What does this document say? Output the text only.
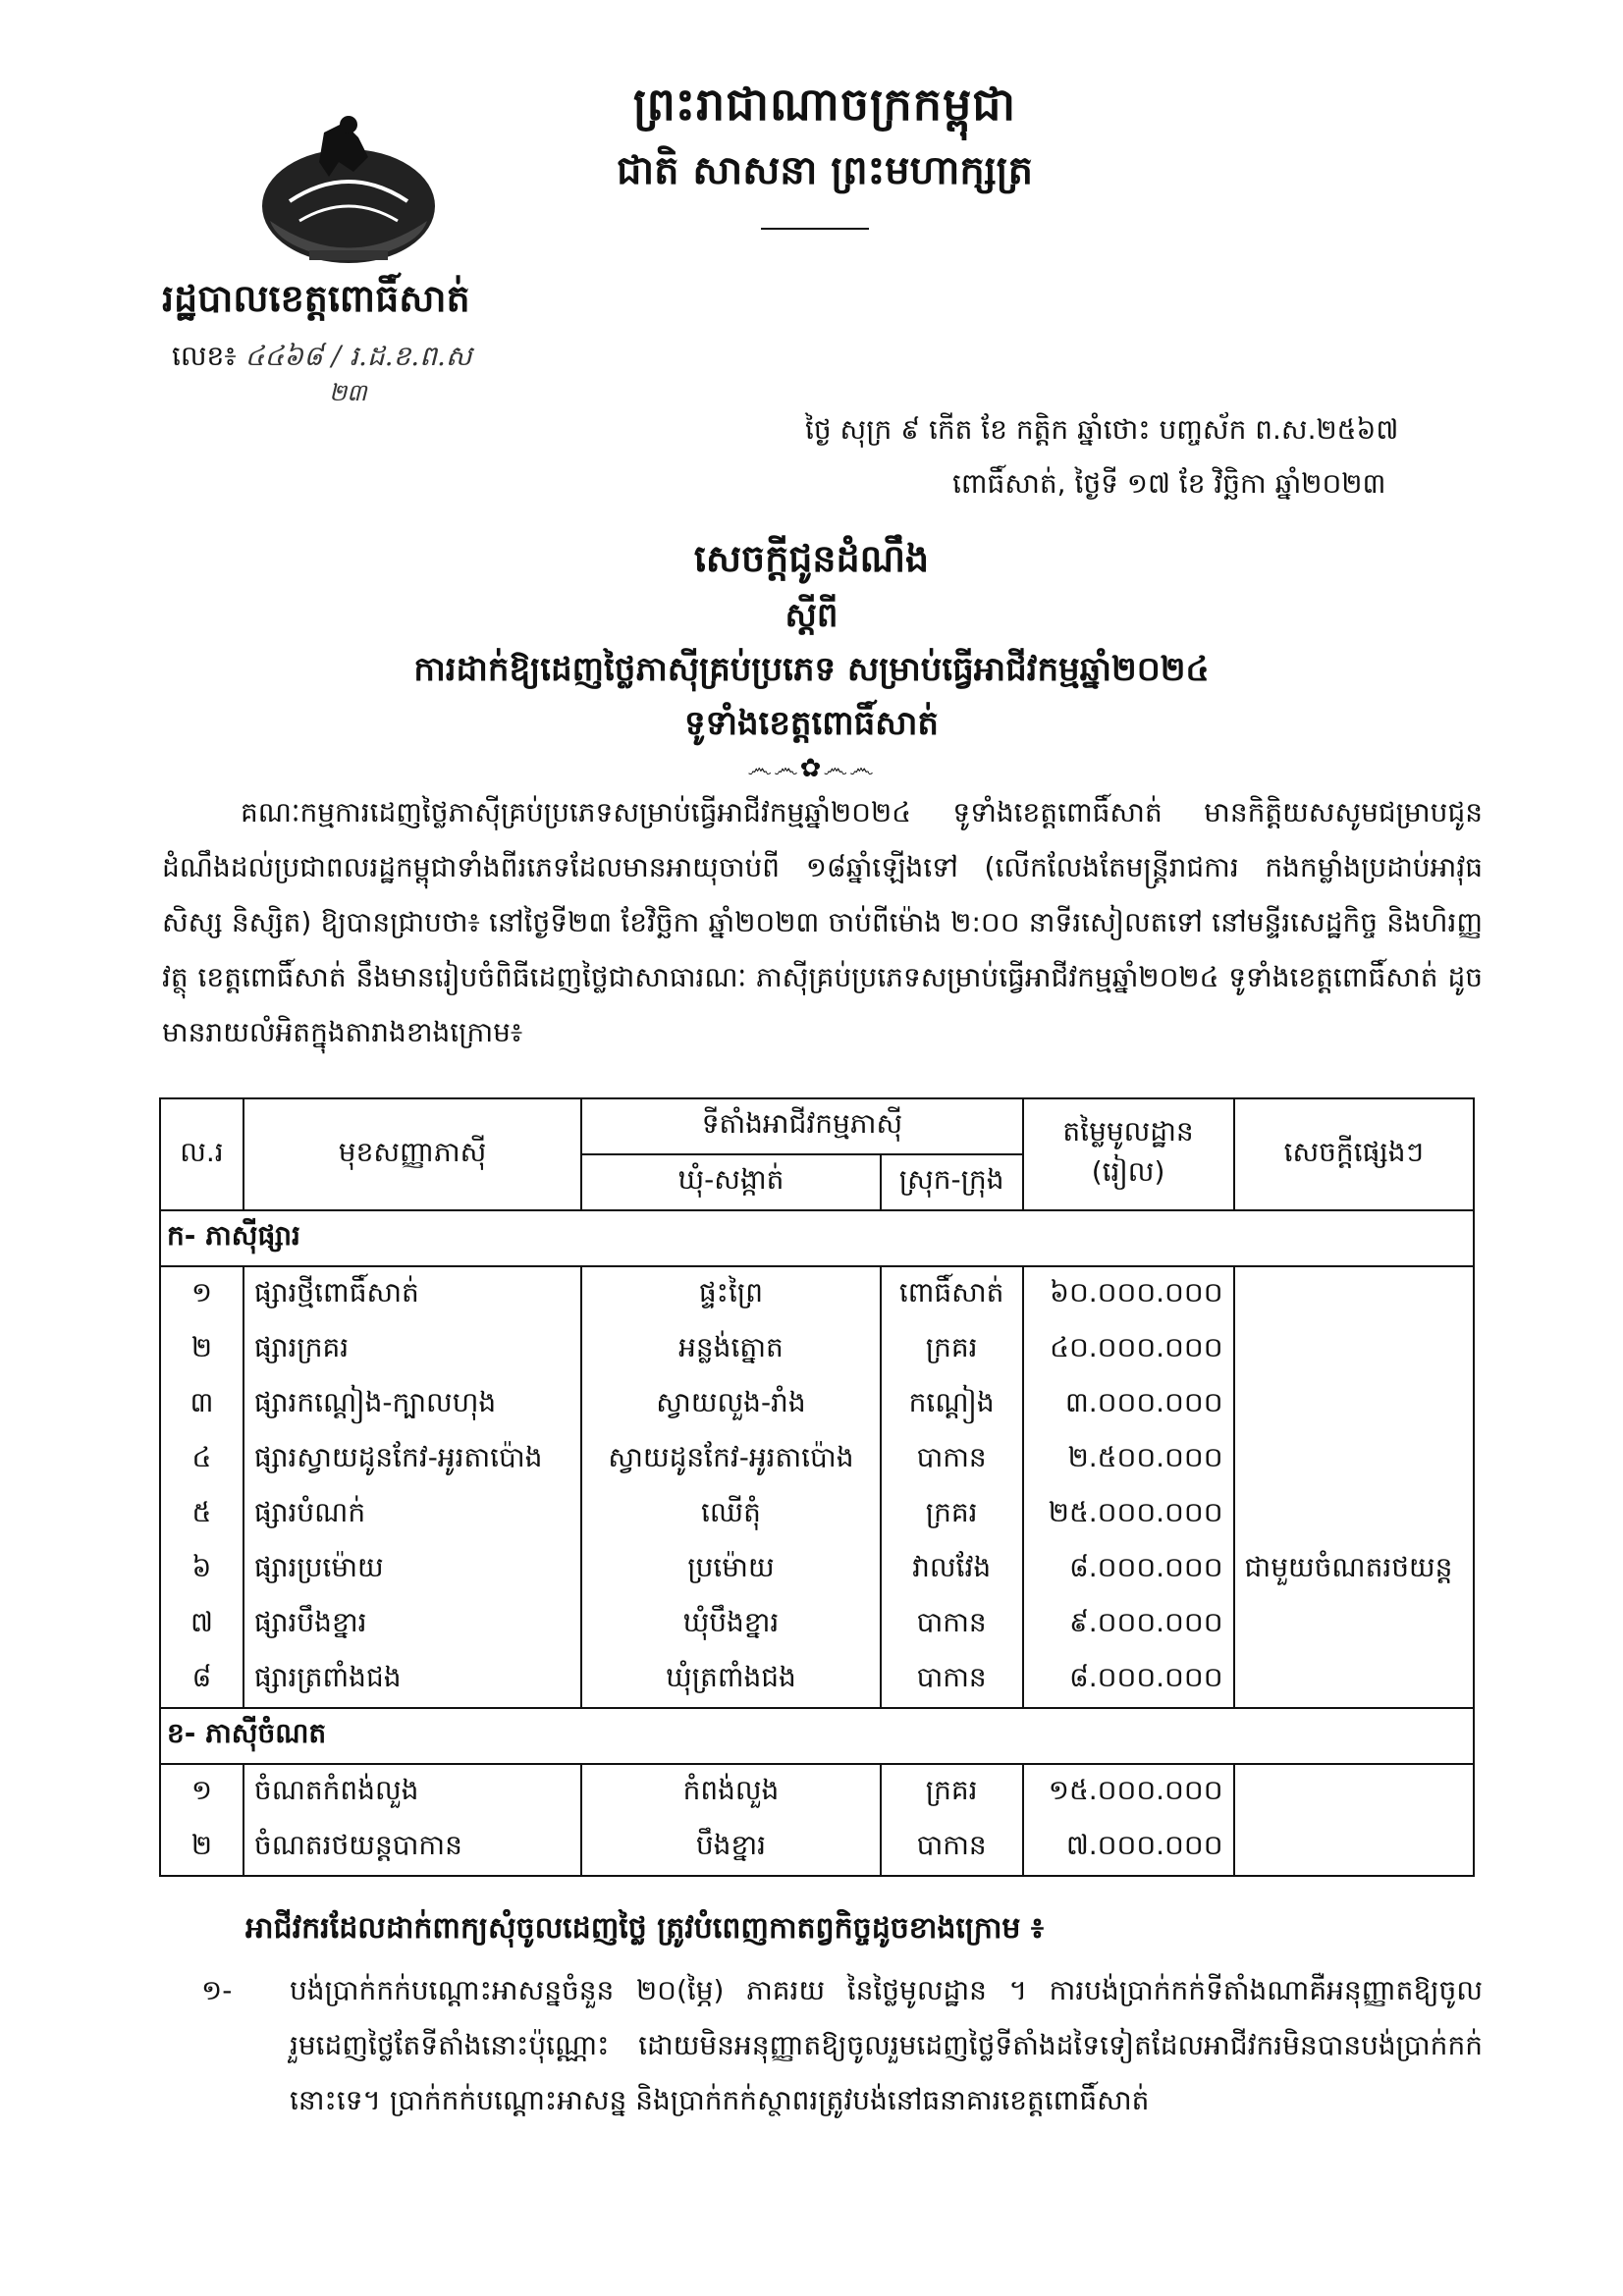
ព្រះរាជាណាចក្រកម្ពុជា
ជាតិ សាសនា ព្រះមហាក្សត្រ
រដ្ឋបាលខេត្តពោធិ៍សាត់
លេខ៖ ៤៤៦៨ / រ.ដ.ខ.ព.ស
២៣
ថ្ងៃ សុក្រ ៩ កើត ខែ កត្តិក ឆ្នាំថោះ បញ្ចស័ក ព.ស.២៥៦៧
ពោធិ៍សាត់, ថ្ងៃទី ១៧ ខែ វិច្ឆិកា ឆ្នាំ២០២៣
សេចក្តីជូនដំណឹង
ស្តីពី
ការដាក់ឱ្យដេញថ្លៃភាស៊ីគ្រប់ប្រភេទ សម្រាប់ធ្វើអាជីវកម្មឆ្នាំ២០២៤
ទូទាំងខេត្តពោធិ៍សាត់
෴෴✿෴෴
គណៈកម្មការដេញថ្លៃភាស៊ីគ្រប់ប្រភេទសម្រាប់ធ្វើអាជីវកម្មឆ្នាំ២០២៤ ទូទាំងខេត្តពោធិ៍សាត់ មានកិត្តិយសសូមជម្រាបជូនដំណឹងដល់ប្រជាពលរដ្ឋកម្ពុជាទាំងពីរភេទដែលមានអាយុចាប់ពី ១៨ឆ្នាំឡើងទៅ (លើកលែងតែមន្ត្រីរាជការ កងកម្លាំងប្រដាប់អាវុធ សិស្ស និស្សិត) ឱ្យបានជ្រាបថា៖ នៅថ្ងៃទី២៣ ខែវិច្ឆិកា ឆ្នាំ២០២៣ ចាប់ពីម៉ោង ២:០០ នាទីរសៀលតទៅ នៅមន្ទីរសេដ្ឋកិច្ច និងហិរញ្ញវត្ថុ ខេត្តពោធិ៍សាត់ នឹងមានរៀបចំពិធីដេញថ្លៃជាសាធារណៈ ភាស៊ីគ្រប់ប្រភេទសម្រាប់ធ្វើអាជីវកម្មឆ្នាំ២០២៤ ទូទាំងខេត្តពោធិ៍សាត់ ដូចមានរាយលំអិតក្នុងតារាងខាងក្រោម៖
ល.រ	មុខសញ្ញាភាស៊ី	ទីតាំងអាជីវកម្មភាស៊ី		តម្លៃមូលដ្ឋាន
(រៀល)	សេចក្តីផ្សេងៗ
		ឃុំ-សង្កាត់	ស្រុក-ក្រុង		
ក- ភាស៊ីផ្សារ					
១	ផ្សារថ្មីពោធិ៍សាត់	ផ្ទះព្រៃ	ពោធិ៍សាត់	៦០.០០០.០០០	
២	ផ្សារក្រគរ	អន្លង់ត្នោត	ក្រគរ	៤០.០០០.០០០	
៣	ផ្សារកណ្តៀង-ក្បាលហុង	ស្វាយលួង-រាំង	កណ្តៀង	៣.០០០.០០០	
៤	ផ្សារស្វាយដូនកែវ-អូរតាប៉ោង	ស្វាយដូនកែវ-អូរតាប៉ោង	បាកាន	២.៥០០.០០០	
៥	ផ្សារបំណក់	ឈើតុំ	ក្រគរ	២៥.០០០.០០០	
៦	ផ្សារប្រម៉ោយ	ប្រម៉ោយ	វាលវែង	៨.០០០.០០០	ជាមួយចំណតរថយន្ត
៧	ផ្សារបឹងខ្នារ	ឃុំបឹងខ្នារ	បាកាន	៩.០០០.០០០	
៨	ផ្សារត្រពាំងជង	ឃុំត្រពាំងជង	បាកាន	៨.០០០.០០០	
ខ- ភាស៊ីចំណត					
១	ចំណតកំពង់លួង	កំពង់លួង	ក្រគរ	១៥.០០០.០០០	
២	ចំណតរថយន្តបាកាន	បឹងខ្នារ	បាកាន	៧.០០០.០០០	
អាជីវករដែលដាក់ពាក្យសុំចូលដេញថ្លៃ ត្រូវបំពេញកាតព្វកិច្ចដូចខាងក្រោម ៖
១- បង់ប្រាក់កក់បណ្តោះអាសន្នចំនួន ២០(ម្ភៃ) ភាគរយ នៃថ្លៃមូលដ្ឋាន ។ ការបង់ប្រាក់កក់ទីតាំងណាគឺអនុញ្ញាតឱ្យចូលរួមដេញថ្លៃតែទីតាំងនោះប៉ុណ្ណោះ ដោយមិនអនុញ្ញាតឱ្យចូលរួមដេញថ្លៃទីតាំងដទៃទៀតដែលអាជីវករមិនបានបង់ប្រាក់កក់នោះទេ។ ប្រាក់កក់បណ្តោះអាសន្ន និងប្រាក់កក់ស្ថាពរត្រូវបង់នៅធនាគារខេត្តពោធិ៍សាត់
